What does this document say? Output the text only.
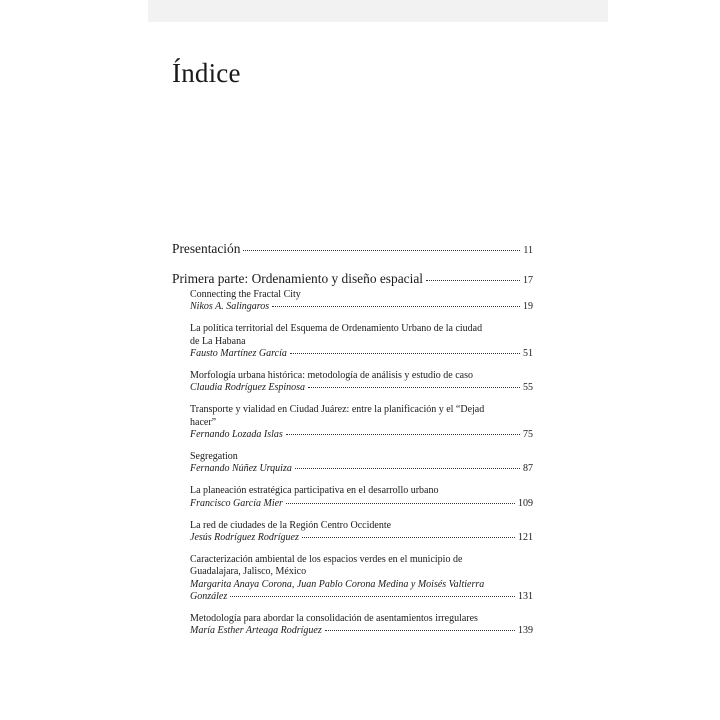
Índice
Presentación	11
Primera parte: Ordenamiento y diseño espacial	17
Connecting the Fractal City
Nikos A. Salingaros	19
La política territorial del Esquema de Ordenamiento Urbano de la ciudad
de La Habana
Fausto Martínez García	51
Morfología urbana histórica: metodología de análisis y estudio de caso
Claudia Rodríguez Espinosa	55
Transporte y vialidad en Ciudad Juárez: entre la planificación y el “Dejad
hacer”
Fernando Lozada Islas	75
Segregation
Fernando Núñez Urquiza	87
La planeación estratégica participativa en el desarrollo urbano
Francisco García Mier	109
La red de ciudades de la Región Centro Occidente
Jesús Rodríguez Rodríguez	121
Caracterización ambiental de los espacios verdes en el municipio de
Guadalajara, Jalisco, México
Margarita Anaya Corona, Juan Pablo Corona Medina y Moisés Valtierra
González	131
Metodología para abordar la consolidación de asentamientos irregulares
María Esther Arteaga Rodríguez	139
